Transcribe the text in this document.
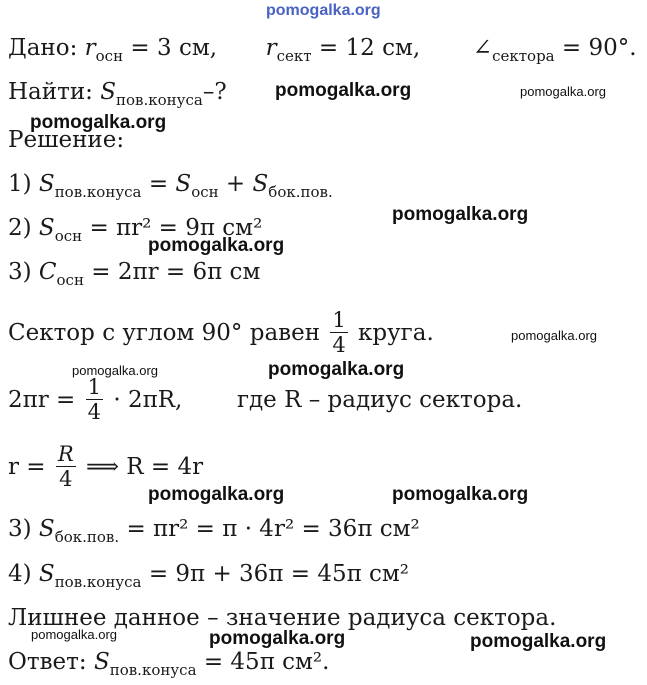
pomogalka.org
pomogalka.org	pomogalka.org
pomogalka.org
pomogalka.org
pomogalka.org
pomogalka.org
pomogalka.org	pomogalka.org
pomogalka.org	pomogalka.org
pomogalka.org	pomogalka.org	pomogalka.org
Дано: $r_{осн} = 3$ см, $r_{сект} = 12$ см,  $\angle_{сектора} = 90^\circ$.
Найти: $S_{пов.конуса}-$?
Решение:
1) $S_{пов.конуса} = S_{осн} + S_{бок.пов.}$
2) $S_{осн} = \pi r^2 = 9\pi$ см²
3) $C_{осн} = 2\pi r = 6\pi$ см
Сектор с углом 90° равен $\frac{1}{4}$ круга.
$2\pi r = \frac{1}{4} \cdot 2\pi R$, где R – радиус сектора.
$r = \frac{R}{4}$ ⟹ R = 4r
3) $S_{бок.пов.} = \pi r^2 = \pi \cdot 4r^2 = 36\pi$ см²
4) $S_{пов.конуса} = 9\pi + 36\pi = 45\pi$ см²
Лишнее данное – значение радиуса сектора.
Ответ: $S_{пов.конуса} = 45\pi$ см².
